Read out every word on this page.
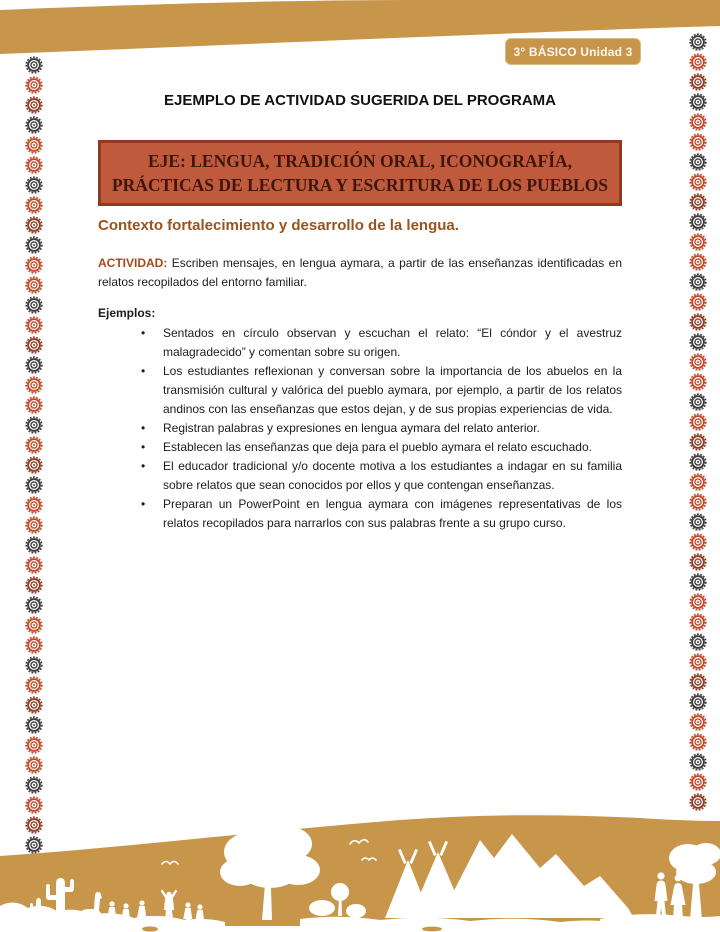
3° BÁSICO Unidad 3
EJEMPLO DE ACTIVIDAD SUGERIDA DEL PROGRAMA
EJE: LENGUA, TRADICIÓN ORAL, ICONOGRAFÍA,
PRÁCTICAS DE LECTURA Y ESCRITURA DE LOS PUEBLOS
Contexto fortalecimiento y desarrollo de la lengua.

ACTIVIDAD: Escriben mensajes, en lengua aymara, a partir de las enseñanzas identificadas en relatos recopilados del entorno familiar.

Ejemplos:
• Sentados en círculo observan y escuchan el relato: “El cóndor y el avestruz malagradecido” y comentan sobre su origen.
• Los estudiantes reflexionan y conversan sobre la importancia de los abuelos en la transmisión cultural y valórica del pueblo aymara, por ejemplo, a partir de los relatos andinos con las enseñanzas que estos dejan, y de sus propias experiencias de vida.
• Registran palabras y expresiones en lengua aymara del relato anterior.
• Establecen las enseñanzas que deja para el pueblo aymara el relato escuchado.
• El educador tradicional y/o docente motiva a los estudiantes a indagar en su familia sobre relatos que sean conocidos por ellos y que contengan enseñanzas.
• Preparan un PowerPoint en lengua aymara con imágenes representativas de los relatos recopilados para narrarlos con sus palabras frente a su grupo curso.
